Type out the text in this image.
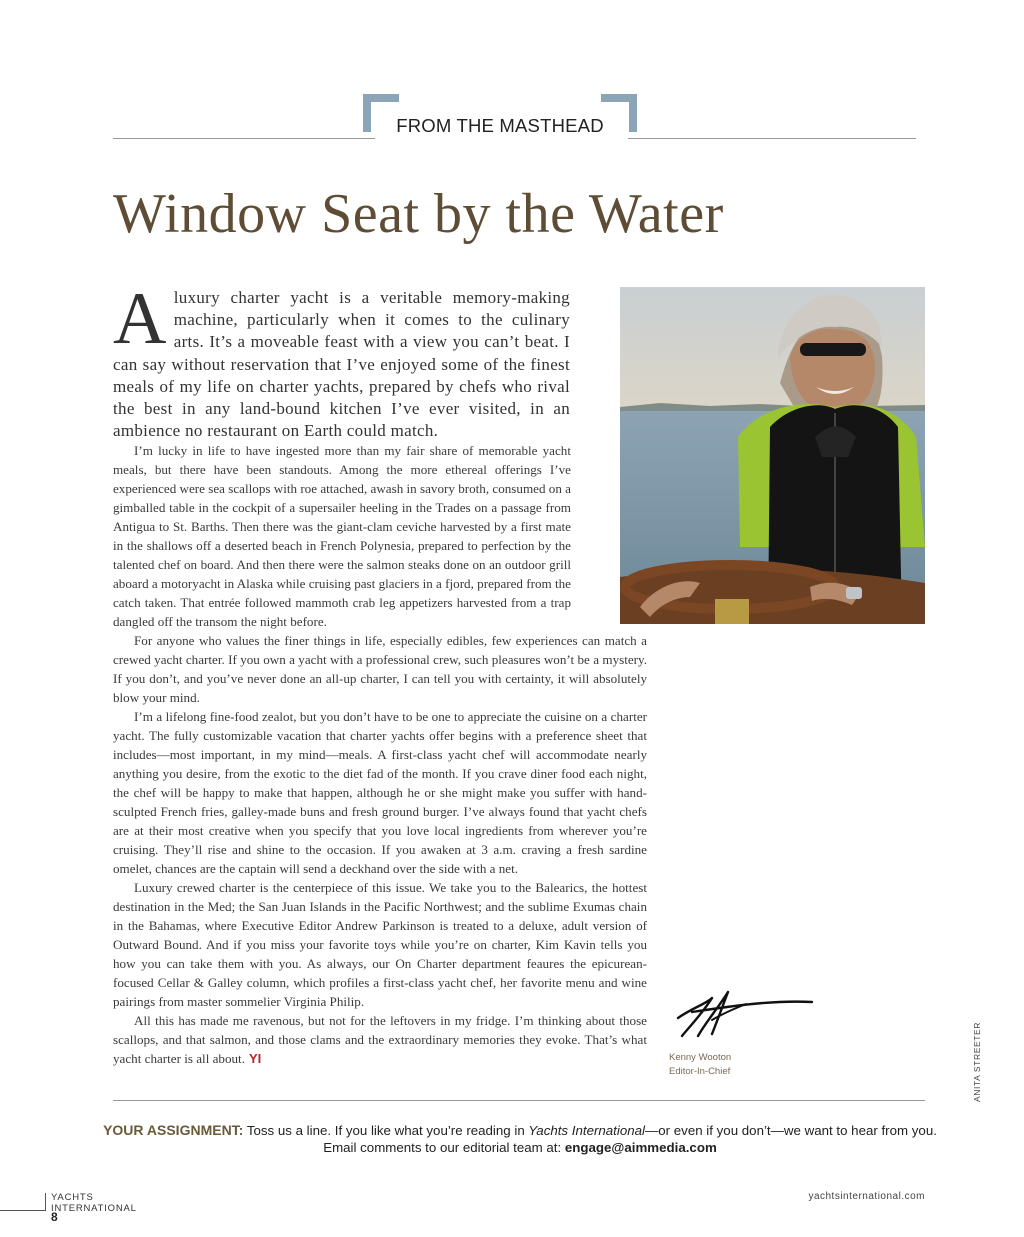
FROM THE MASTHEAD
Window Seat by the Water

Aluxury charter yacht is a veritable memory-making machine, particularly when it comes to the culinary arts. It’s a moveable feast with a view you can’t beat. I can say without reservation that I’ve enjoyed some of the finest meals of my life on charter yachts, prepared by chefs who rival the best in any land-bound kitchen I’ve ever visited, in an ambience no restaurant on Earth could match.

I’m lucky in life to have ingested more than my fair share of memorable yacht meals, but there have been standouts. Among the more ethereal offerings I’ve experienced were sea scallops with roe attached, awash in savory broth, consumed on a gimballed table in the cockpit of a supersailer heeling in the Trades on a passage from Antigua to St. Barths. Then there was the giant-clam ceviche harvested by a first mate in the shallows off a deserted beach in French Polynesia, prepared to perfection by the talented chef on board. And then there were the salmon steaks done on an outdoor grill aboard a motoryacht in Alaska while cruising past glaciers in a fjord, prepared from the catch taken. That entrée followed mammoth crab leg appetizers harvested from a trap dangled off the transom the night before.

For anyone who values the finer things in life, especially edibles, few experiences can match a crewed yacht charter. If you own a yacht with a professional crew, such pleasures won’t be a mystery. If you don’t, and you’ve never done an all-up charter, I can tell you with certainty, it will absolutely blow your mind.

I’m a lifelong fine-food zealot, but you don’t have to be one to appreciate the cuisine on a charter yacht. The fully customizable vacation that charter yachts offer begins with a preference sheet that includes—most important, in my mind—meals. A first-class yacht chef will accommodate nearly anything you desire, from the exotic to the diet fad of the month. If you crave diner food each night, the chef will be happy to make that happen, although he or she might make you suffer with hand-sculpted French fries, galley-made buns and fresh ground burger. I’ve always found that yacht chefs are at their most creative when you specify that you love local ingredients from wherever you’re cruising. They’ll rise and shine to the occasion. If you awaken at 3 a.m. craving a fresh sardine omelet, chances are the captain will send a deckhand over the side with a net.

Luxury crewed charter is the centerpiece of this issue. We take you to the Balearics, the hottest destination in the Med; the San Juan Islands in the Pacific Northwest; and the sublime Exumas chain in the Bahamas, where Executive Editor Andrew Parkinson is treated to a deluxe, adult version of Outward Bound. And if you miss your favorite toys while you’re on charter, Kim Kavin tells you how you can take them with you. As always, our On Charter department feaures the epicurean-focused Cellar & Galley column, which profiles a first-class yacht chef, her favorite menu and wine pairings from master sommelier Virginia Philip.

All this has made me ravenous, but not for the leftovers in my fridge. I’m thinking about those scallops, and that salmon, and those clams and the extraordinary memories they evoke. That’s what yacht charter is all about. YI	Kenny Wooton
Editor-In-Chief	ANITA STREETER
YOUR ASSIGNMENT: Toss us a line. If you like what you’re reading in Yachts International—or even if you don’t—we want to hear from you.
Email comments to our editorial team at: engage@aimmedia.com
YACHTS
INTERNATIONAL
8
yachtsinternational.com
